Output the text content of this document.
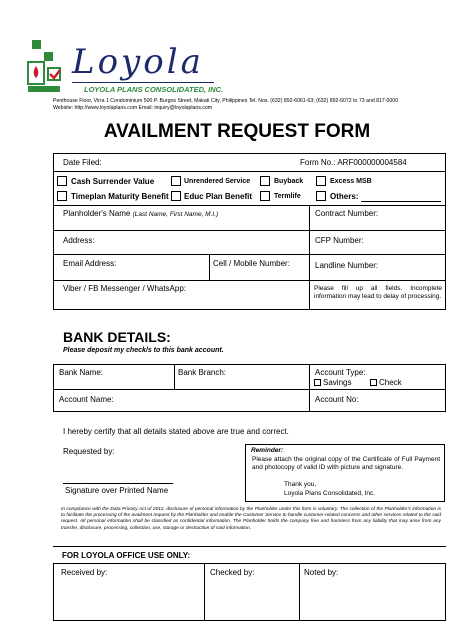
Loyola
LOYOLA PLANS CONSOLIDATED, INC.
Penthouse Floor, Virra 1 Condominium 500 P. Burgos Street, Makati City, Philippines Tel. Nos. (632) 892-6061-63; (632) 892-6072 to 73 and 817-0000
Website: http://www.loyolaplans.com Email: inquiry@loyolaplans.com
AVAILMENT REQUEST FORM
Date Filed:	Form No.: ARF000000004584
Cash Surrender Value	Unrendered Service	Buyback	Excess MSB
Timeplan Maturity Benefit Educ Plan Benefit	Termlife	Others:
Planholder's Name (Last Name, First Name, M.I.)	Contract Number:
Address:	CFP Number:
Email Address:	Cell / Mobile Number:	Landline Number:
Viber / FB Messenger / WhatsApp:	Please fill up all fields. Incomplete information may lead to delay of processing.
BANK DETAILS:
Please deposit my check/s to this bank account.
Bank Name:	Bank Branch:	Account Type:
Savings	Check
Account Name:	Account No:
I hereby certify that all details stated above are true and correct.
Requested by:
Signature over Printed Name
Reminder:
Please attach the original copy of the Certificate of Full Payment and photocopy of valid ID with picture and signature.
Thank you,
Loyola Plans Consolidated, Inc.
In compliance with the Data Privacy Act of 2012, disclosure of personal information by the Planholder under this form is voluntary. The collection of the Planholder's information is to facilitate the processing of the availment request by the Planholder and enable the Customer Service to handle customer-related concerns and other services related to the said request. All personal information shall be classified as confidential information. The Planholder holds the company free and harmless from any liability that may arise from any transfer, disclosure, processing, collection, use, storage or destruction of said information.
FOR LOYOLA OFFICE USE ONLY:
Received by:	Checked by:	Noted by:
